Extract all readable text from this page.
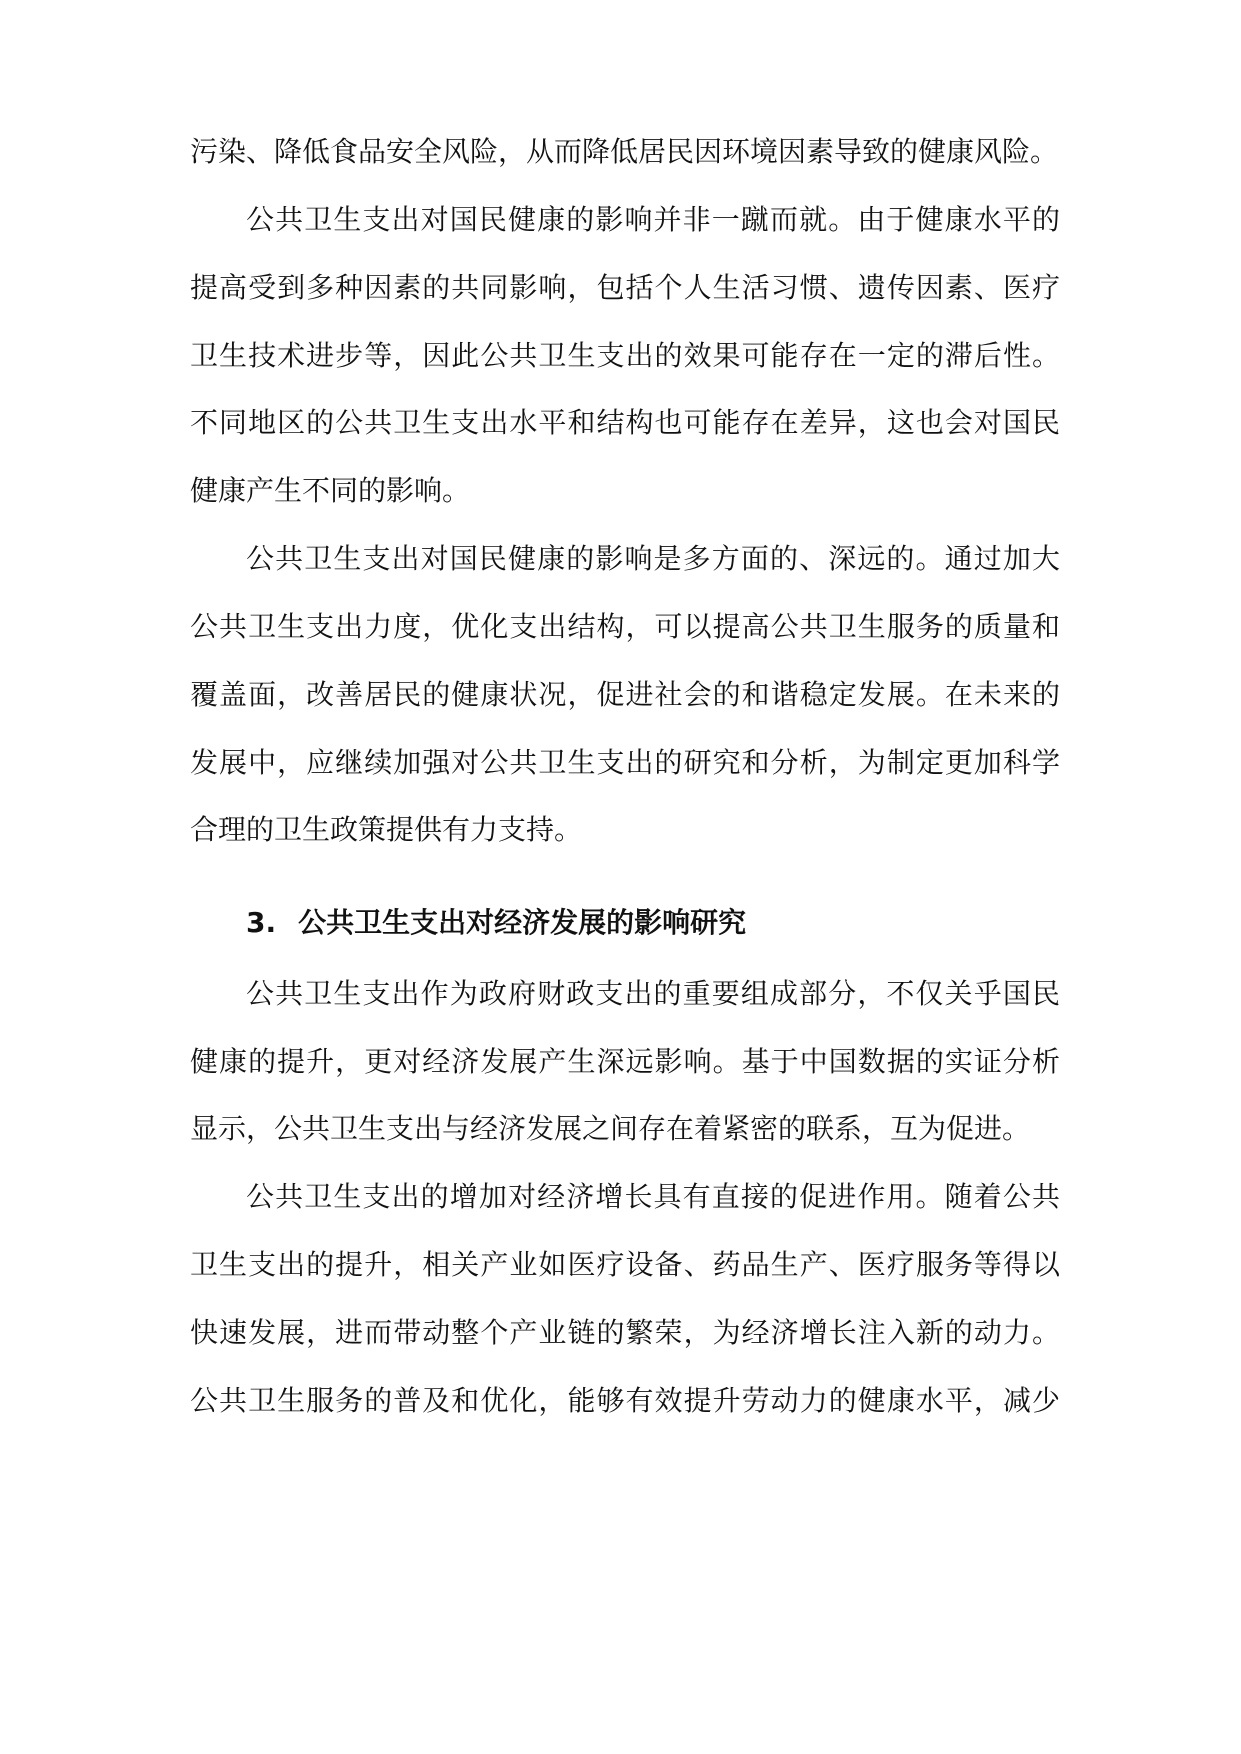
污染、降低食品安全风险，从而降低居民因环境因素导致的健康风险。
公共卫生支出对国民健康的影响并非一蹴而就。由于健康水平的
提高受到多种因素的共同影响，包括个人生活习惯、遗传因素、医疗
卫生技术进步等，因此公共卫生支出的效果可能存在一定的滞后性。
不同地区的公共卫生支出水平和结构也可能存在差异，这也会对国民
健康产生不同的影响。
公共卫生支出对国民健康的影响是多方面的、深远的。通过加大
公共卫生支出力度，优化支出结构，可以提高公共卫生服务的质量和
覆盖面，改善居民的健康状况，促进社会的和谐稳定发展。在未来的
发展中，应继续加强对公共卫生支出的研究和分析，为制定更加科学
合理的卫生政策提供有力支持。
3. 公共卫生支出对经济发展的影响研究
公共卫生支出作为政府财政支出的重要组成部分，不仅关乎国民
健康的提升，更对经济发展产生深远影响。基于中国数据的实证分析
显示，公共卫生支出与经济发展之间存在着紧密的联系，互为促进。
公共卫生支出的增加对经济增长具有直接的促进作用。随着公共
卫生支出的提升，相关产业如医疗设备、药品生产、医疗服务等得以
快速发展，进而带动整个产业链的繁荣，为经济增长注入新的动力。
公共卫生服务的普及和优化，能够有效提升劳动力的健康水平，减少
